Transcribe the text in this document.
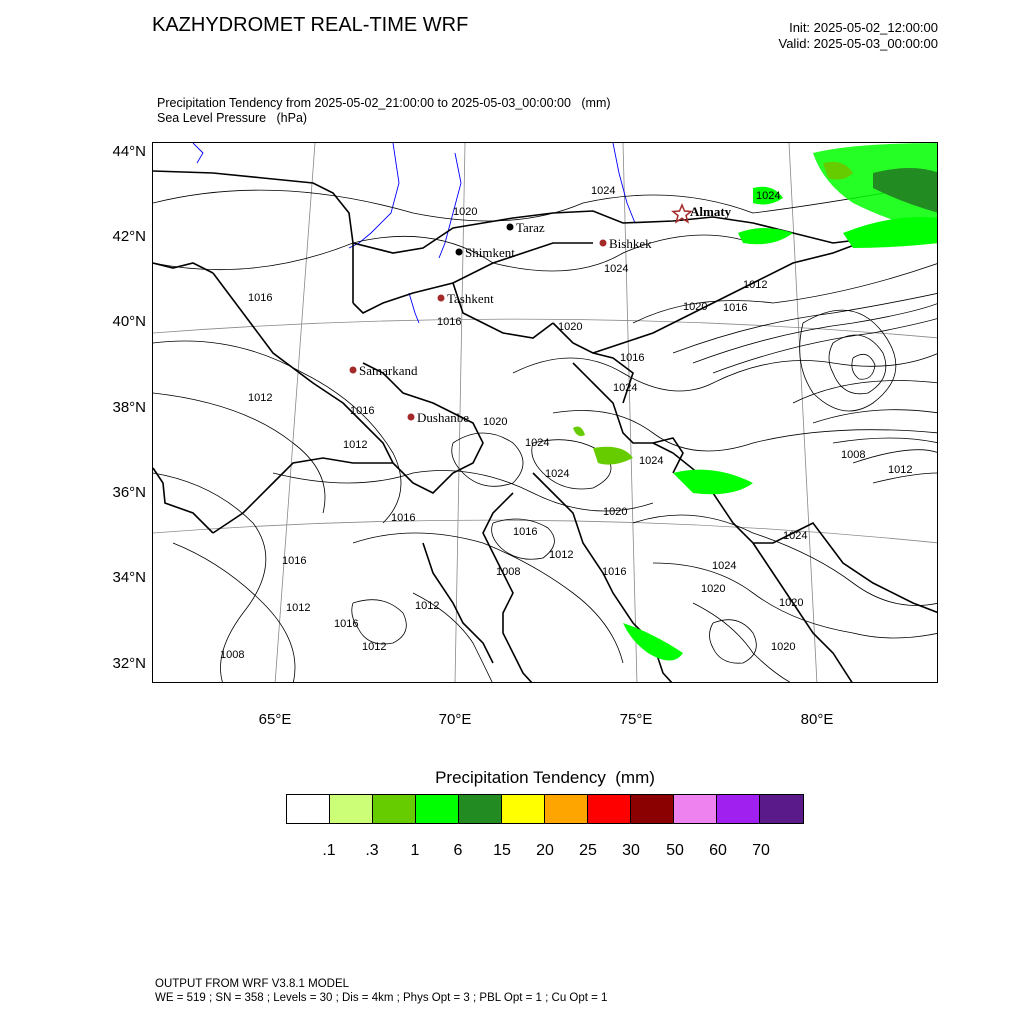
KAZHYDROMET REAL-TIME WRF	Init: 2025-05-02_12:00:00
Valid: 2025-05-03_00:00:00
Precipitation Tendency from 2025-05-02_21:00:00 to 2025-05-03_00:00:00   (mm)
Sea Level Pressure   (hPa)
1024
1020
1024
1016
1016	1020
1024
1016
1012
1016
1020
1016
1024
1012
1012
1020
1024
1024
1008
1012
1024
1016	1020
1016
1012
1016
1008	1016
1012
1016
1024
1020
1012
1012
1008
1020
1020
1024
Almaty
Taraz
Bishkek
Shimkent
Tashkent
Samarkand
Dushanbe
44°N
42°N
40°N
38°N
36°N
34°N
32°N
65°E	70°E	75°E	80°E
Precipitation Tendency  (mm)
.1 .3 1 6 15 20 25 30 50 60 70
OUTPUT FROM WRF V3.8.1 MODEL
WE = 519 ; SN = 358 ; Levels = 30 ; Dis = 4km ; Phys Opt = 3 ; PBL Opt = 1 ; Cu Opt = 1
